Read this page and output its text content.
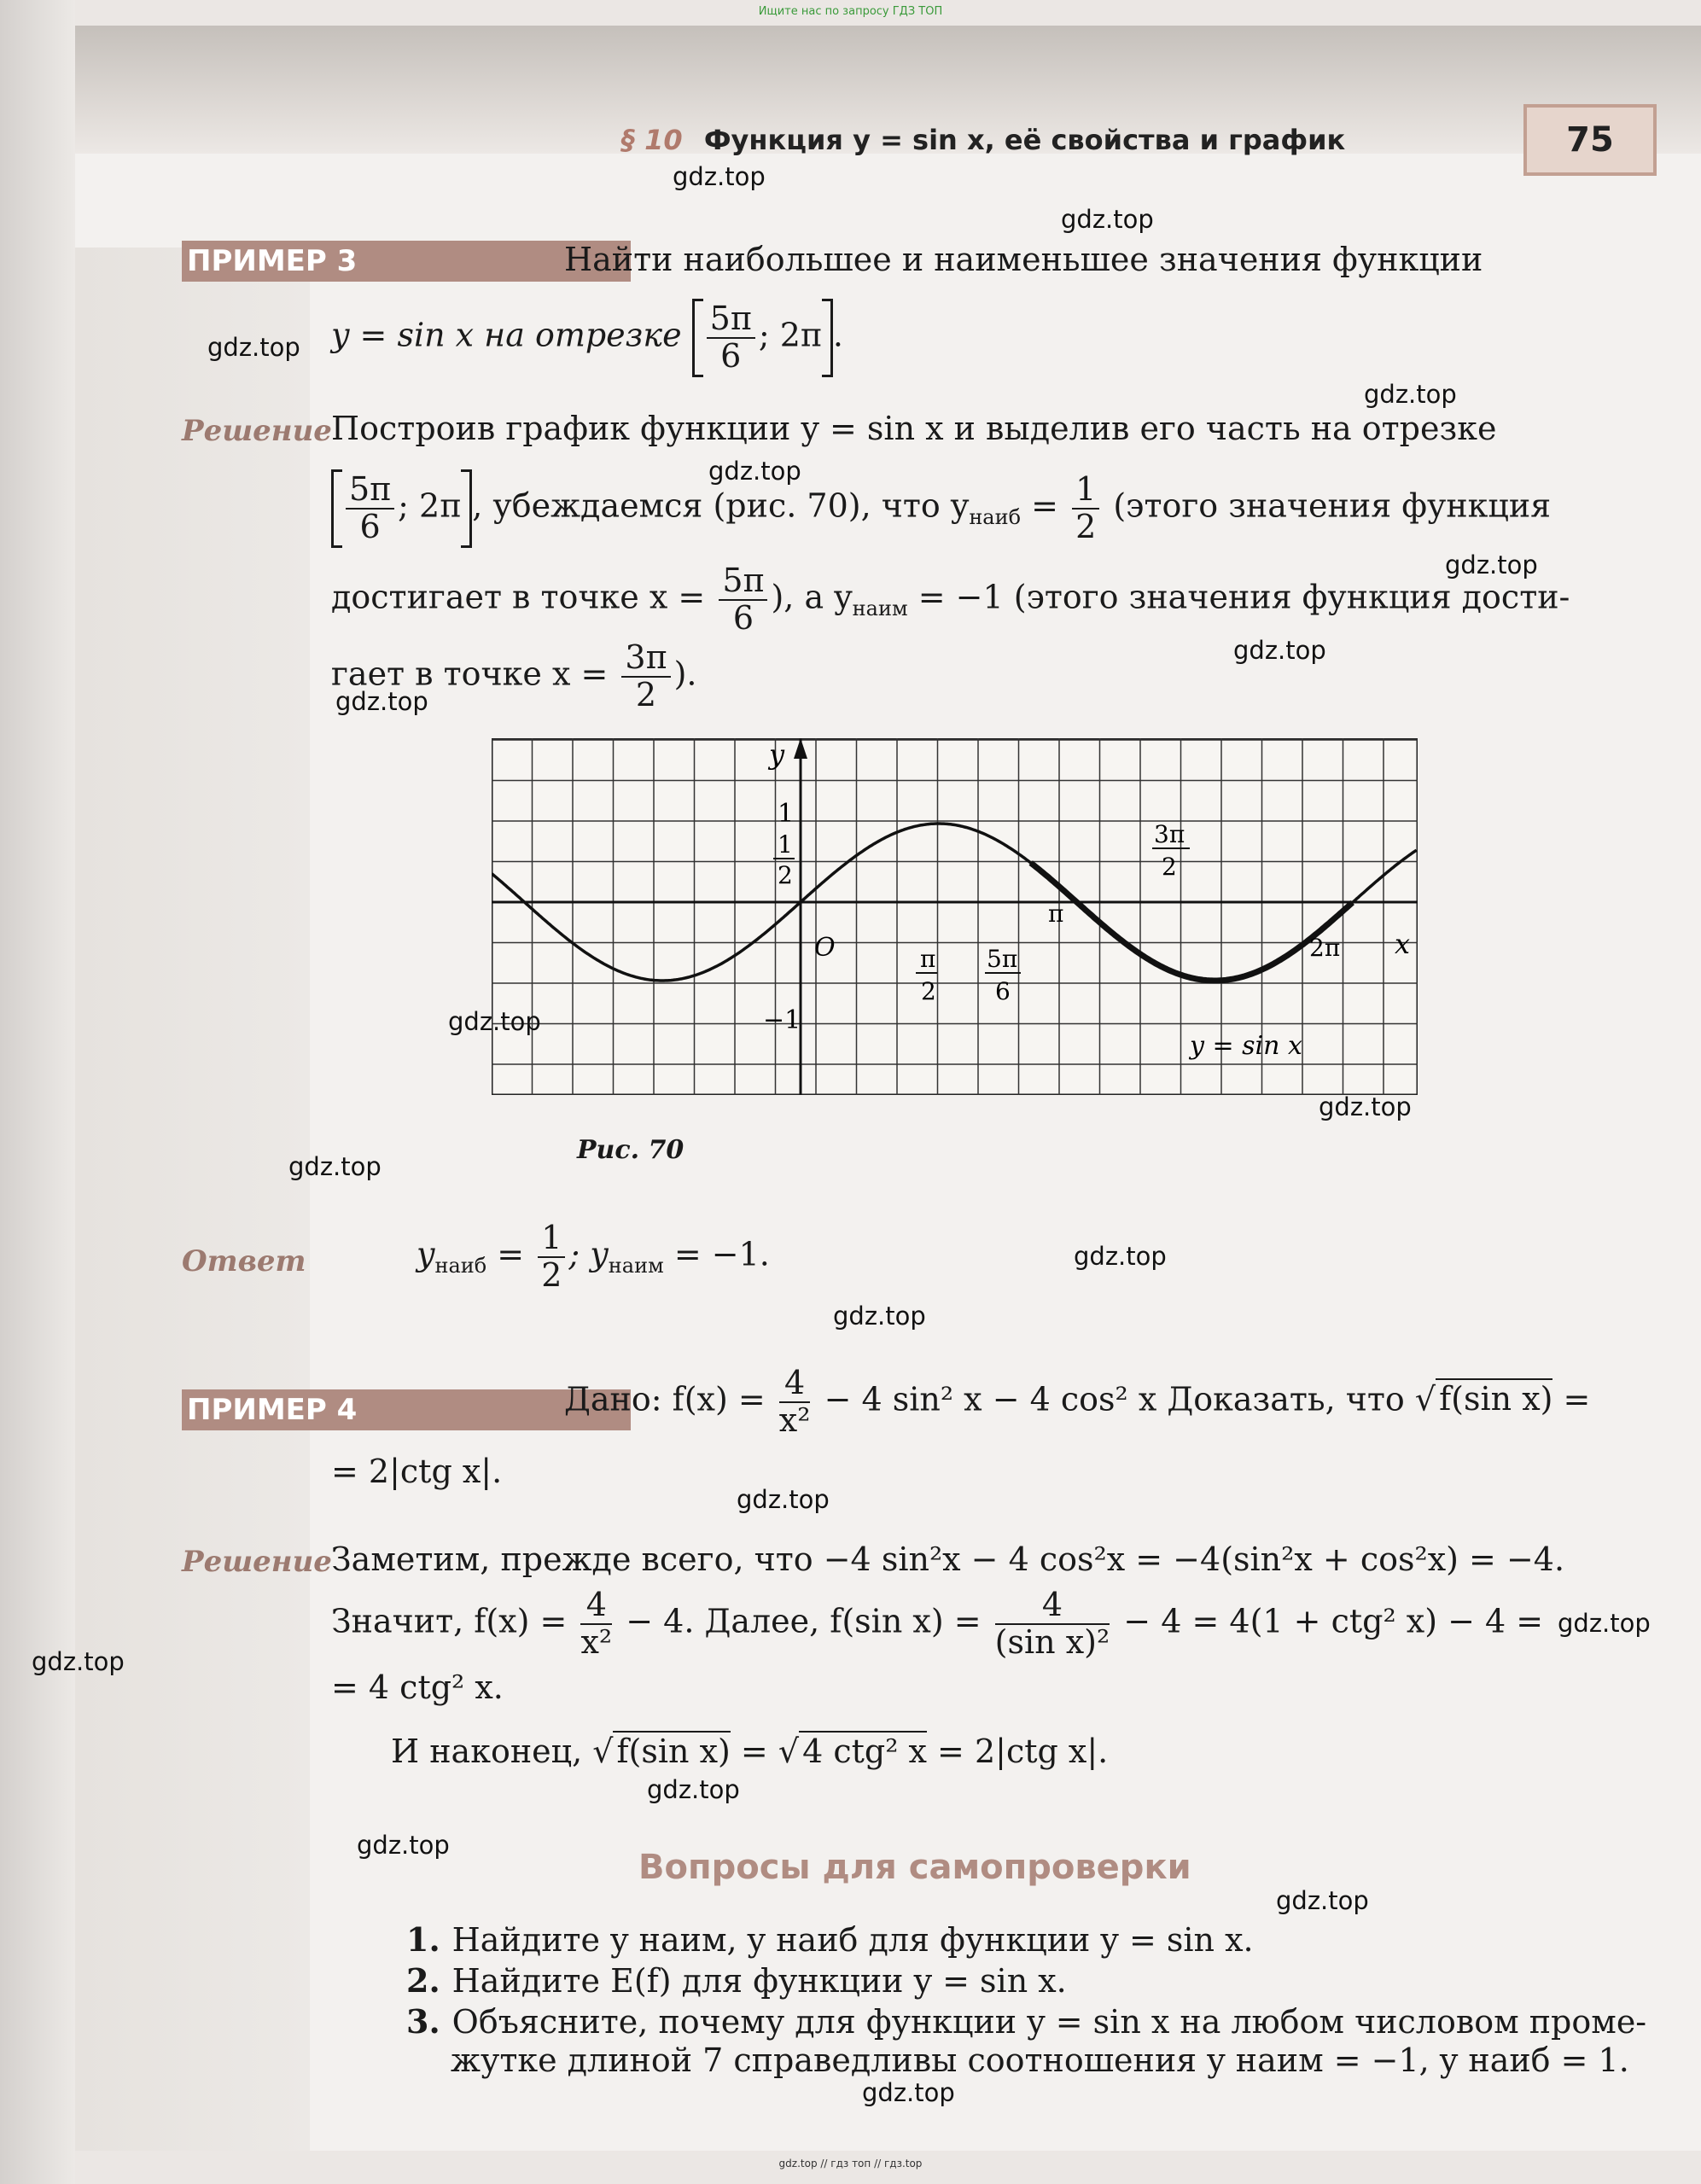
Ищите нас по запросу ГДЗ ТОП
§ 10 Функция y = sin x, её свойства и график	75
ПРИМЕР 3	Найти наибольшее и наименьшее значения функции
y = sin x на отрезке $\frac{5\pi}{6}$ ; 2π .
Решение Построив график функции y = sin x и выделив его часть на отрезке
$\frac{5\pi}{6}$ ; 2π , убеждаемся (рис. 70), что $y_{наиб} = \frac{1}{2}$ (этого значения функция
достигает в точке $x = \frac{5\pi}{6}$ ), а $y_{наим} = -1$ (этого значения функция дости-
гает в точке $x = \frac{3\pi}{2}$ ).
y
x
O
1
1
2
−1
π
2
5π
6
π
3π
2
2π
y = sin x
Рис. 70
Ответ	$y_{наиб} = \frac{1}{2}$ ; $y_{наим} = -1$.
ПРИМЕР 4	Дано: $f(x) = \frac{4}{\text{x²}} - 4$ sin² x − 4 cos² x Доказать, что √ f(sin x) =
= 2|ctg x|.
Решение Заметим, прежде всего, что −4 sin²x − 4 cos²x = −4(sin²x + cos²x) = −4.
Значит, $f(x) = \frac{4}{\text{x²}} - 4$. Далее, f(sin $x) = \frac{4}{\text{(sin x)²}} - 4 = 4(1 + ctg^2$ x) − 4 =
= 4 ctg² x.
И наконец, √ f(sin x) = √ 4 ctg² x = 2|ctg x|.
Вопросы для самопроверки
1. Найдите y наим, y наиб для функции y = sin x.
2. Найдите E(f) для функции y = sin x.
3. Объясните, почему для функции y = sin x на любом числовом проме-
жутке длиной 7 справедливы соотношения y наим = −1, y наиб = 1.
gdz.top
gdz.top
gdz.top
gdz.top
gdz.top
gdz.top
gdz.top
gdz.top
gdz.top
gdz.top
gdz.top
gdz.top
gdz.top
gdz.top
gdz.top
gdz.top
gdz.top
gdz.top
gdz.top
gdz.top
gdz.top // гдз топ // гдз.top
